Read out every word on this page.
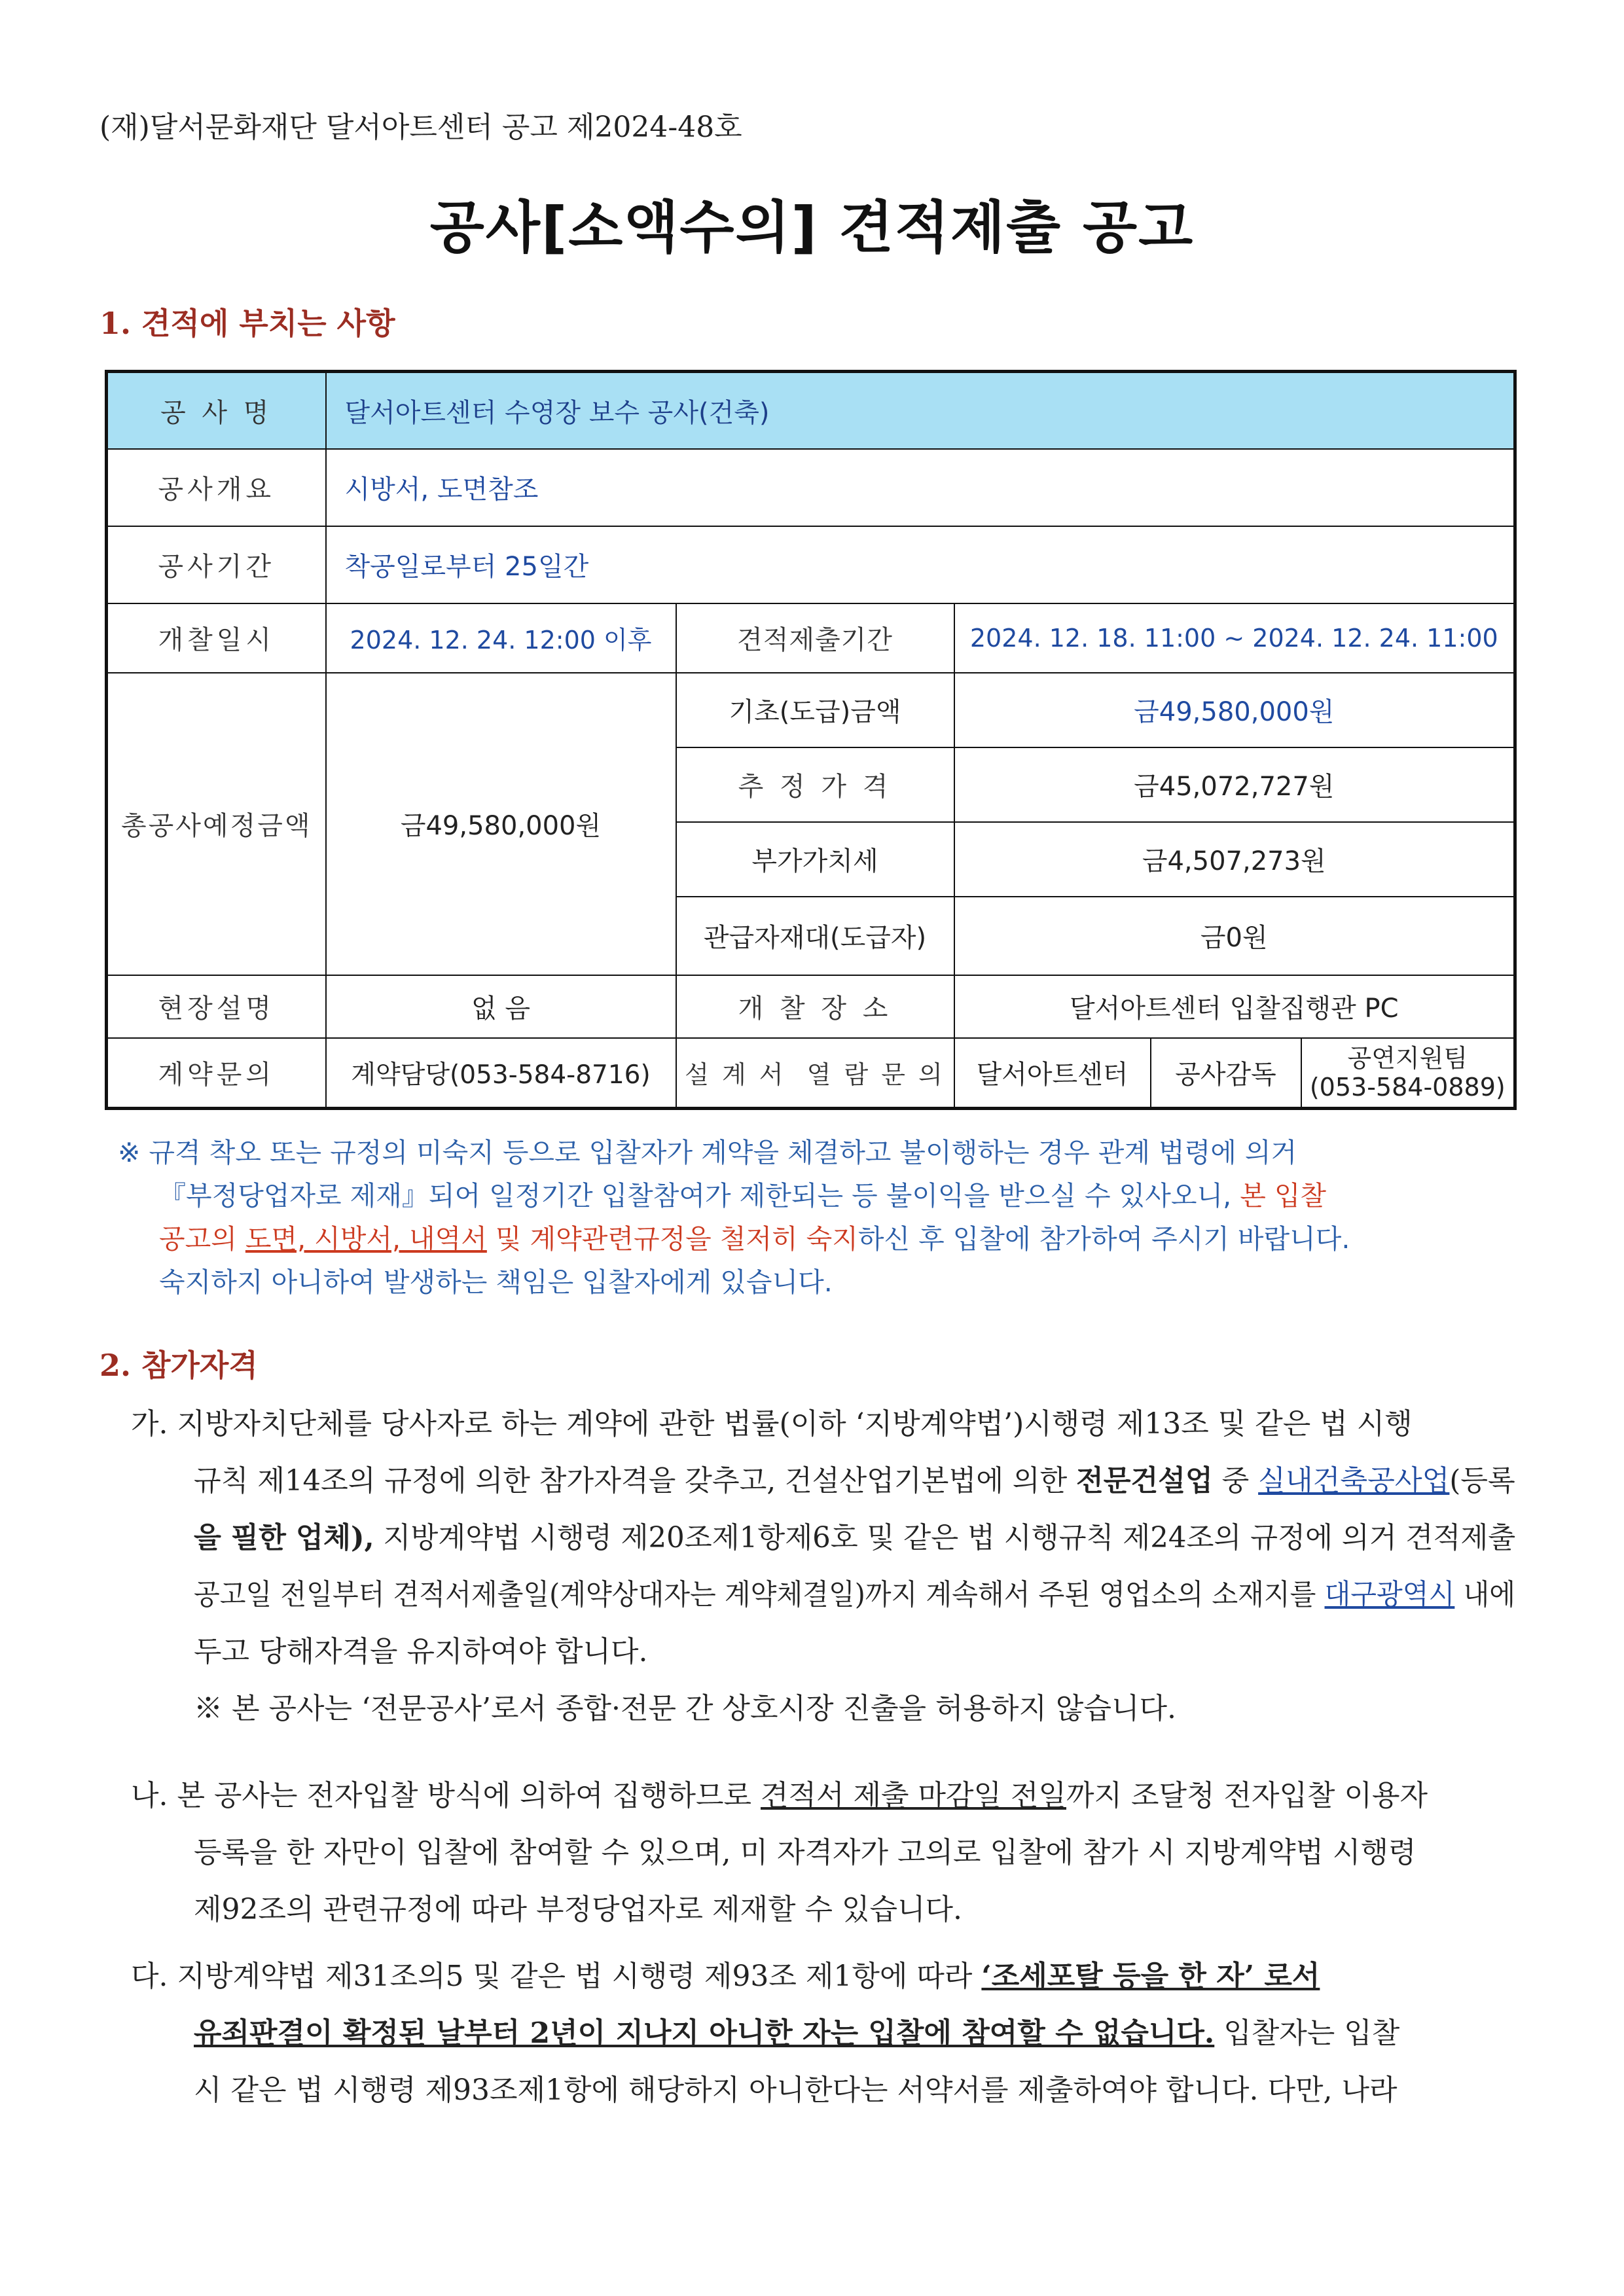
(재)달서문화재단 달서아트센터 공고 제2024-48호
공사[소액수의] 견적제출 공고
1. 견적에 부치는 사항
공 사 명	달서아트센터 수영장 보수 공사(건축)				
공사개요	시방서, 도면참조				
공사기간	착공일로부터 25일간				
개찰일시	2024. 12. 24. 12:00 이후	견적제출기간	2024. 12. 18. 11:00 ~ 2024. 12. 24. 11:00		
총공사예정금액	금49,580,000원	기초(도급)금액	금49,580,000원		
		추 정 가 격	금45,072,727원		
		부가가치세	금4,507,273원		
		관급자재대(도급자)	금0원		
현장설명	없 음	개 찰 장 소	달서아트센터 입찰집행관 PC		
계약문의	계약담당(053-584-8716)	설 계 서  열 람 문 의	달서아트센터	공사감독	공연지원팀
(053-584-0889)
※ 규격 착오 또는 규정의 미숙지 등으로 입찰자가 계약을 체결하고 불이행하는 경우 관계 법령에 의거
『부정당업자로 제재』되어 일정기간 입찰참여가 제한되는 등 불이익을 받으실 수 있사오니, 본 입찰
공고의 도면, 시방서, 내역서 및 계약관련규정을 철저히 숙지하신 후 입찰에 참가하여 주시기 바랍니다.
숙지하지 아니하여 발생하는 책임은 입찰자에게 있습니다.
2. 참가자격
가. 지방자치단체를 당사자로 하는 계약에 관한 법률(이하 ‘지방계약법’)시행령 제13조 및 같은 법 시행
규칙 제14조의 규정에 의한 참가자격을 갖추고, 건설산업기본법에 의한 전문건설업 중 실내건축공사업(등록
을 필한 업체), 지방계약법 시행령 제20조제1항제6호 및 같은 법 시행규칙 제24조의 규정에 의거 견적제출
공고일 전일부터 견적서제출일(계약상대자는 계약체결일)까지 계속해서 주된 영업소의 소재지를 대구광역시 내에
두고 당해자격을 유지하여야 합니다.
※ 본 공사는 ‘전문공사’로서 종합·전문 간 상호시장 진출을 허용하지 않습니다.
나. 본 공사는 전자입찰 방식에 의하여 집행하므로 견적서 제출 마감일 전일까지 조달청 전자입찰 이용자
등록을 한 자만이 입찰에 참여할 수 있으며, 미 자격자가 고의로 입찰에 참가 시 지방계약법 시행령
제92조의 관련규정에 따라 부정당업자로 제재할 수 있습니다.
다. 지방계약법 제31조의5 및 같은 법 시행령 제93조 제1항에 따라 ‘조세포탈 등을 한 자’ 로서
유죄판결이 확정된 날부터 2년이 지나지 아니한 자는 입찰에 참여할 수 없습니다. 입찰자는 입찰
시 같은 법 시행령 제93조제1항에 해당하지 아니한다는 서약서를 제출하여야 합니다. 다만, 나라
